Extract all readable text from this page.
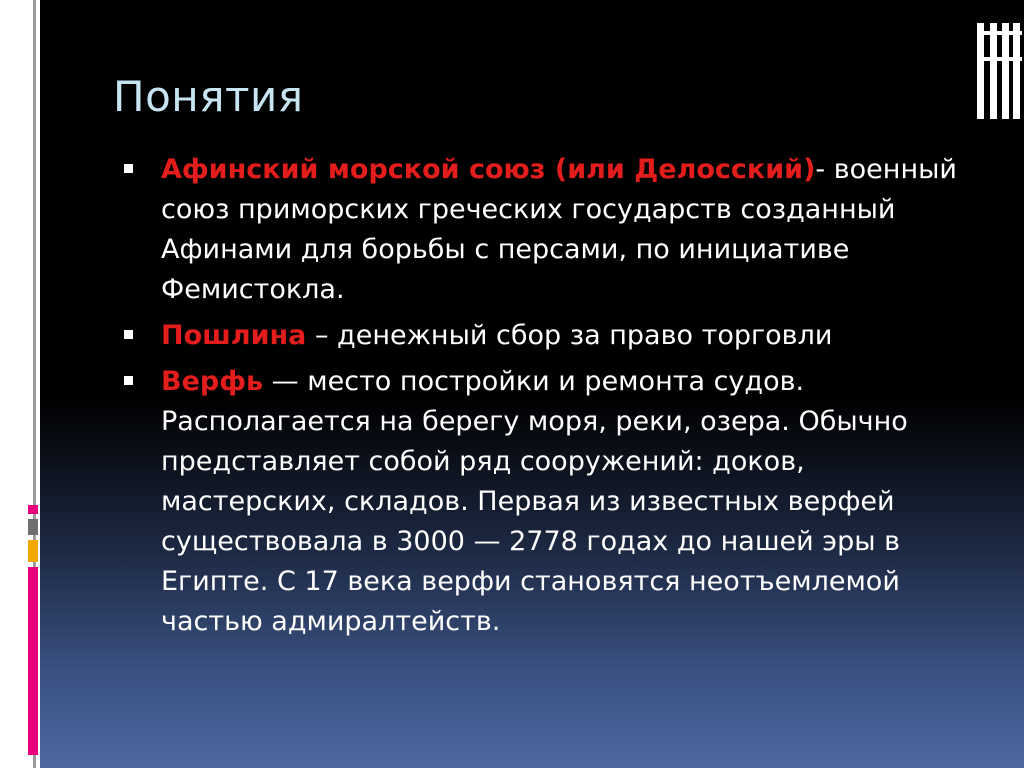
Понятия
Афинский морской союз (или Делосский)- военный союз приморских греческих государств созданный Афинами для борьбы с персами, по инициативе Фемистокла.
Пошлина – денежный сбор за право торговли
Верфь — место постройки и ремонта судов. Располагается на берегу моря, реки, озера. Обычно представляет собой ряд сооружений: доков, мастерских, складов. Первая из известных верфей существовала в 3000 — 2778 годах до нашей эры в Египте. С 17 века верфи становятся неотъемлемой частью адмиралтейств.
